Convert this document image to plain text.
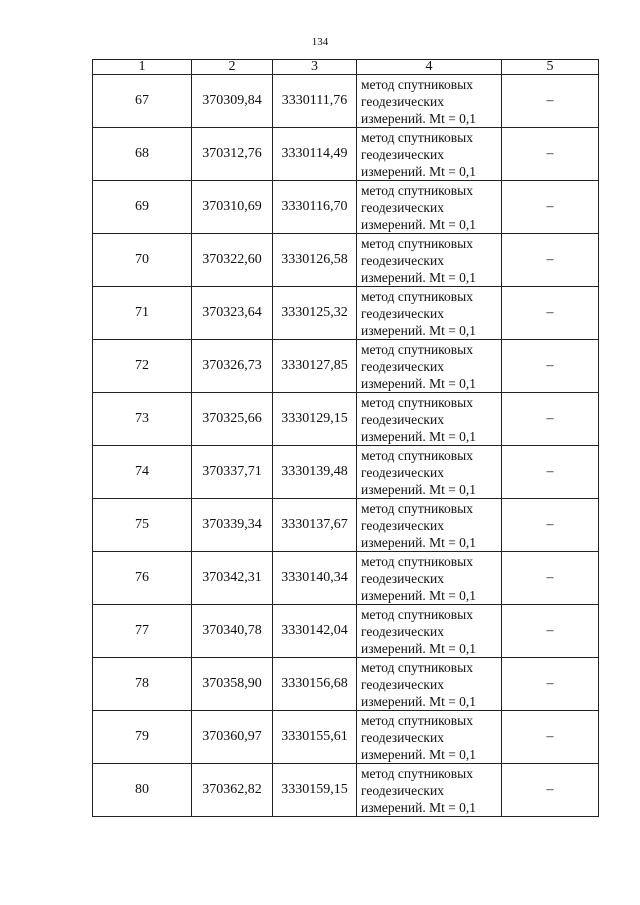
134
1	2	3	4	5
67	370309,84	3330111,76	метод спутниковых
геодезических
измерений. Mt = 0,1	–
68	370312,76	3330114,49	метод спутниковых
геодезических
измерений. Mt = 0,1	–
69	370310,69	3330116,70	метод спутниковых
геодезических
измерений. Mt = 0,1	–
70	370322,60	3330126,58	метод спутниковых
геодезических
измерений. Mt = 0,1	–
71	370323,64	3330125,32	метод спутниковых
геодезических
измерений. Mt = 0,1	–
72	370326,73	3330127,85	метод спутниковых
геодезических
измерений. Mt = 0,1	–
73	370325,66	3330129,15	метод спутниковых
геодезических
измерений. Mt = 0,1	–
74	370337,71	3330139,48	метод спутниковых
геодезических
измерений. Mt = 0,1	–
75	370339,34	3330137,67	метод спутниковых
геодезических
измерений. Mt = 0,1	–
76	370342,31	3330140,34	метод спутниковых
геодезических
измерений. Mt = 0,1	–
77	370340,78	3330142,04	метод спутниковых
геодезических
измерений. Mt = 0,1	–
78	370358,90	3330156,68	метод спутниковых
геодезических
измерений. Mt = 0,1	–
79	370360,97	3330155,61	метод спутниковых
геодезических
измерений. Mt = 0,1	–
80	370362,82	3330159,15	метод спутниковых
геодезических
измерений. Mt = 0,1	–
